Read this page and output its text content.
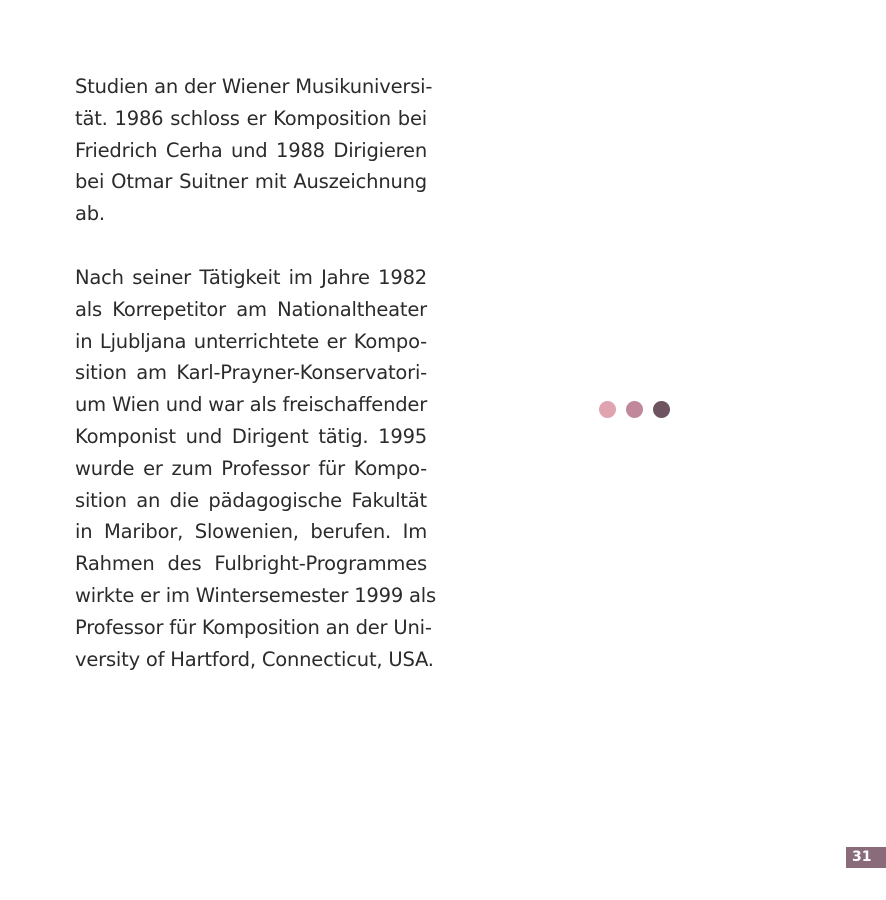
Studien an der Wiener Musikuniversi-
tät. 1986 schloss er Komposition bei
Friedrich Cerha und 1988 Dirigieren
bei Otmar Suitner mit Auszeichnung
ab.

Nach seiner Tätigkeit im Jahre 1982
als Korrepetitor am Nationaltheater
in Ljubljana unterrichtete er Kompo-
sition am Karl-Prayner-Konservatori-
um Wien und war als freischaffender
Komponist und Dirigent tätig. 1995
wurde er zum Professor für Kompo-
sition an die pädagogische Fakultät
in Maribor, Slowenien, berufen. Im
Rahmen des Fulbright-Programmes
wirkte er im Wintersemester 1999 als
Professor für Komposition an der Uni-
versity of Hartford, Connecticut, USA.

31
